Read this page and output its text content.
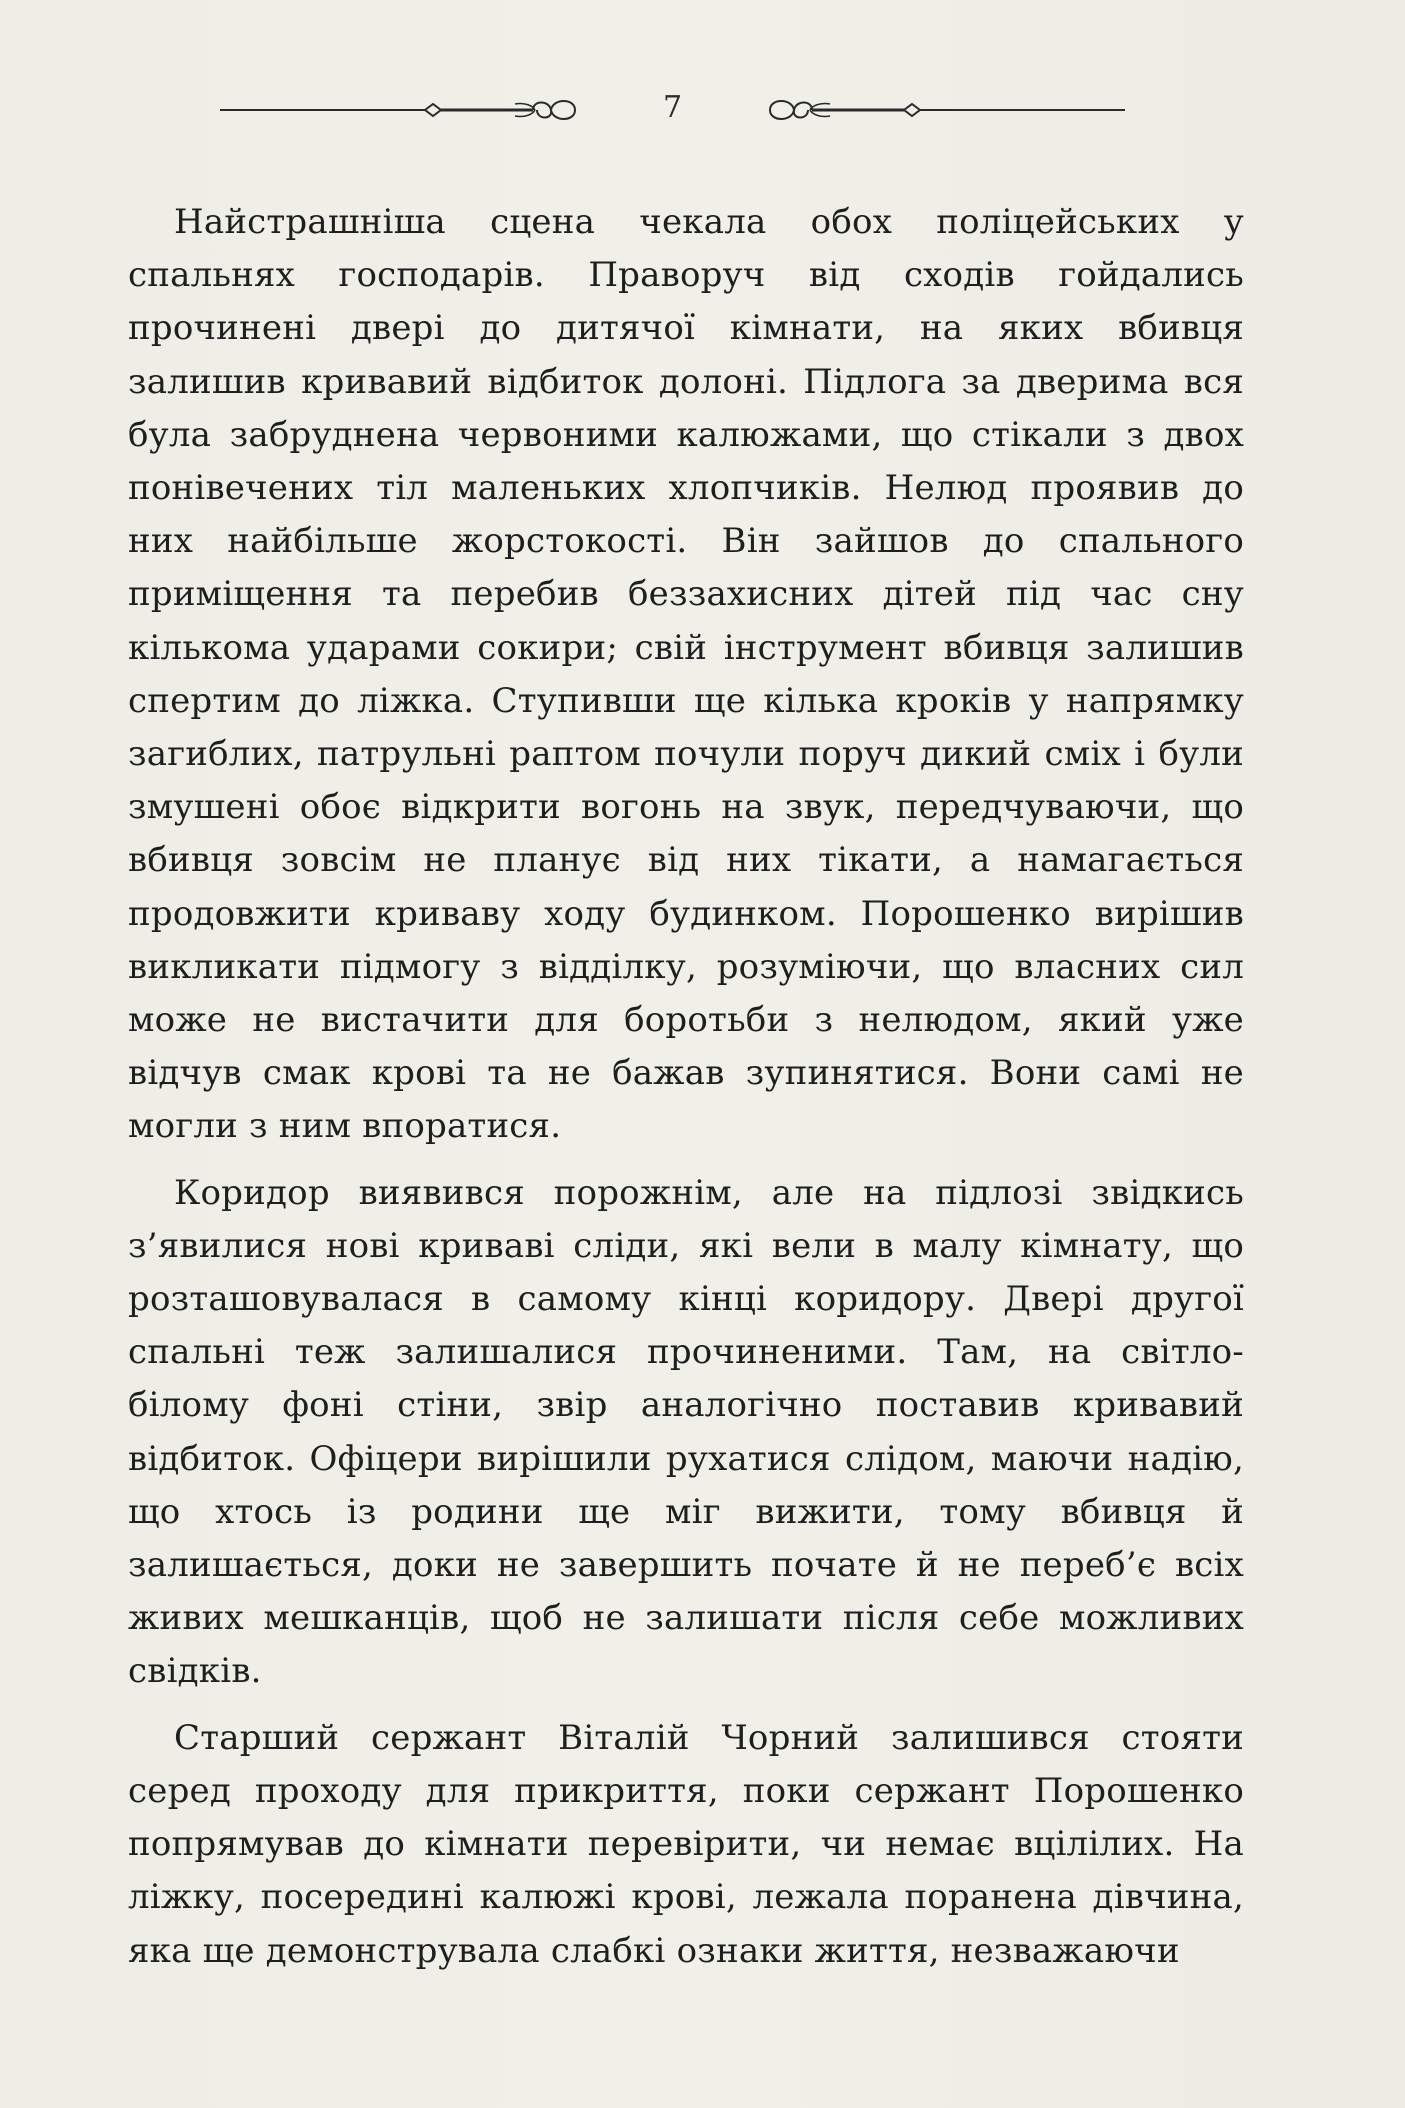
7

Найстрашніша сцена чекала обох поліцейських у спальнях господарів. Праворуч від сходів гойдались прочинені двері до дитячої кімнати, на яких вбивця залишив кривавий відбиток долоні. Підлога за дверима вся була забруднена червоними калюжами, що стікали з двох понівечених тіл маленьких хлопчиків. Нелюд проявив до них найбільше жорстокості. Він зайшов до спального приміщення та перебив беззахисних дітей під час сну кількома ударами сокири; свій інструмент вбивця залишив спертим до ліжка. Ступивши ще кілька кроків у напрямку загиблих, патрульні раптом почули поруч дикий сміх і були змушені обоє відкрити вогонь на звук, передчуваючи, що вбивця зовсім не планує від них тікати, а намагається продовжити криваву ходу будинком. Порошенко вирішив викликати підмогу з відділку, розуміючи, що власних сил може не вистачити для боротьби з нелюдом, який уже відчув смак крові та не бажав зупинятися. Вони самі не могли з ним впоратися.

Коридор виявився порожнім, але на підлозі звідкись з’явилися нові криваві сліди, які вели в малу кімнату, що розташовувалася в самому кінці коридору. Двері другої спальні теж залишалися прочиненими. Там, на світло-білому фоні стіни, звір аналогічно поставив кривавий відбиток. Офіцери вирішили рухатися слідом, маючи надію, що хтось із родини ще міг вижити, тому вбивця й залишається, доки не завершить почате й не переб’є всіх живих мешканців, щоб не залишати після себе можливих свідків.

Старший сержант Віталій Чорний залишився стояти серед проходу для прикриття, поки сержант Порошенко попрямував до кімнати перевірити, чи немає вцілілих. На ліжку, посередині калюжі крові, лежала поранена дівчина, яка ще демонструвала слабкі ознаки життя, незважаючи
